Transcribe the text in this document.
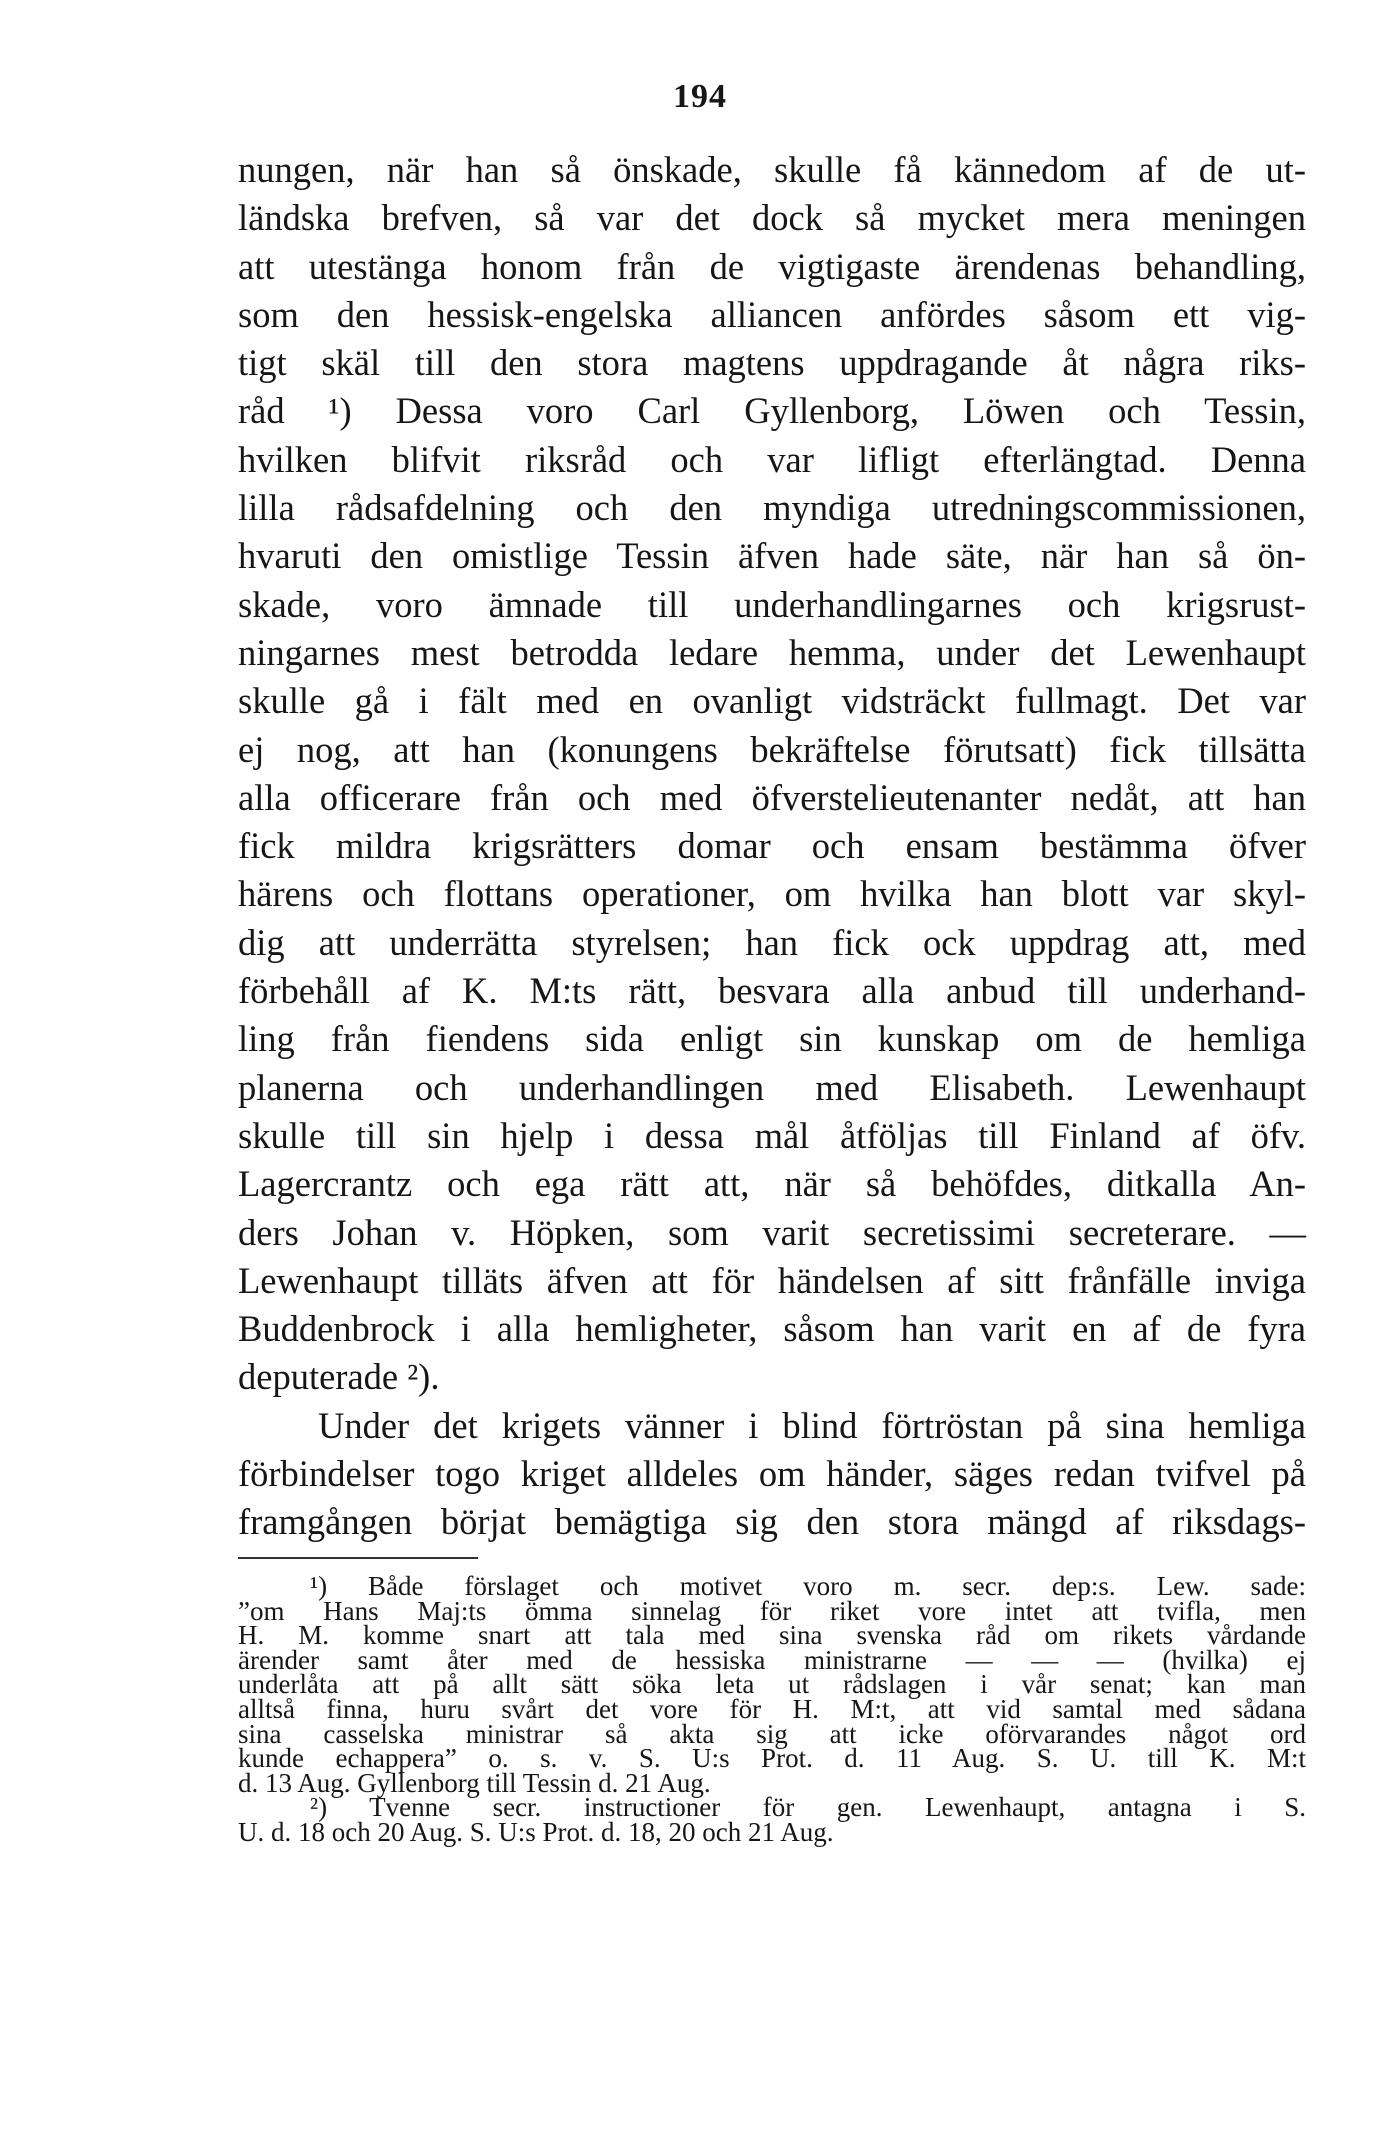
194
nungen, när han så önskade, skulle få kännedom af de ut-
ländska brefven, så var det dock så mycket mera meningen
att utestänga honom från de vigtigaste ärendenas behandling,
som den hessisk-engelska alliancen anfördes såsom ett vig-
tigt skäl till den stora magtens uppdragande åt några riks-
råd ¹) Dessa voro Carl Gyllenborg, Löwen och Tessin,
hvilken blifvit riksråd och var lifligt efterlängtad. Denna
lilla rådsafdelning och den myndiga utredningscommissionen,
hvaruti den omistlige Tessin äfven hade säte, när han så ön-
skade, voro ämnade till underhandlingarnes och krigsrust-
ningarnes mest betrodda ledare hemma, under det Lewenhaupt
skulle gå i fält med en ovanligt vidsträckt fullmagt. Det var
ej nog, att han (konungens bekräftelse förutsatt) fick tillsätta
alla officerare från och med öfverstelieutenanter nedåt, att han
fick mildra krigsrätters domar och ensam bestämma öfver
härens och flottans operationer, om hvilka han blott var skyl-
dig att underrätta styrelsen; han fick ock uppdrag att, med
förbehåll af K. M:ts rätt, besvara alla anbud till underhand-
ling från fiendens sida enligt sin kunskap om de hemliga
planerna och underhandlingen med Elisabeth. Lewenhaupt
skulle till sin hjelp i dessa mål åtföljas till Finland af öfv.
Lagercrantz och ega rätt att, när så behöfdes, ditkalla An-
ders Johan v. Höpken, som varit secretissimi secreterare. —
Lewenhaupt tilläts äfven att för händelsen af sitt frånfälle inviga
Buddenbrock i alla hemligheter, såsom han varit en af de fyra
deputerade ²).
Under det krigets vänner i blind förtröstan på sina hemliga
förbindelser togo kriget alldeles om händer, säges redan tvifvel på
framgången börjat bemägtiga sig den stora mängd af riksdags-
¹) Både förslaget och motivet voro m. secr. dep:s. Lew. sade:
”om Hans Maj:ts ömma sinnelag för riket vore intet att tvifla, men
H. M. komme snart att tala med sina svenska råd om rikets vårdande
ärender samt åter med de hessiska ministrarne — — — (hvilka) ej
underlåta att på allt sätt söka leta ut rådslagen i vår senat; kan man
alltså finna, huru svårt det vore för H. M:t, att vid samtal med sådana
sina casselska ministrar så akta sig att icke oförvarandes något ord
kunde echappera” o. s. v. S. U:s Prot. d. 11 Aug. S. U. till K. M:t
d. 13 Aug. Gyllenborg till Tessin d. 21 Aug.
²) Tvenne secr. instructioner för gen. Lewenhaupt, antagna i S.
U. d. 18 och 20 Aug. S. U:s Prot. d. 18, 20 och 21 Aug.
